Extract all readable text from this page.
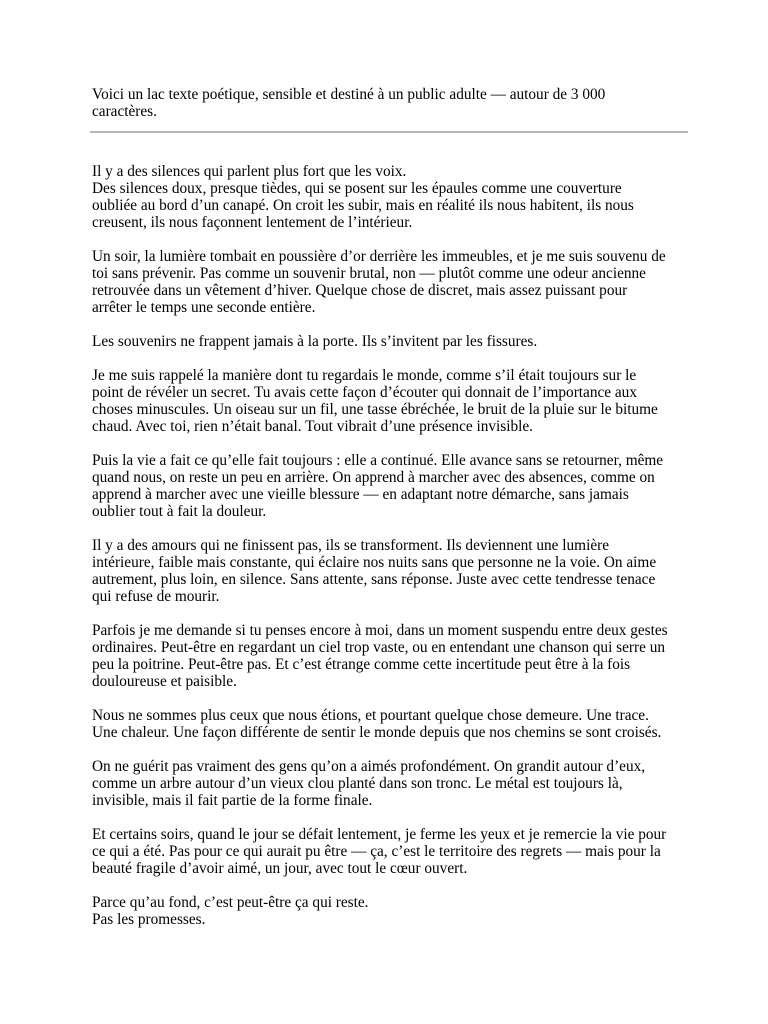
Voici un lac texte poétique, sensible et destiné à un public adulte — autour de 3 000
caractères.

Il y a des silences qui parlent plus fort que les voix.
Des silences doux, presque tièdes, qui se posent sur les épaules comme une couverture
oubliée au bord d’un canapé. On croit les subir, mais en réalité ils nous habitent, ils nous
creusent, ils nous façonnent lentement de l’intérieur.

Un soir, la lumière tombait en poussière d’or derrière les immeubles, et je me suis souvenu de
toi sans prévenir. Pas comme un souvenir brutal, non — plutôt comme une odeur ancienne
retrouvée dans un vêtement d’hiver. Quelque chose de discret, mais assez puissant pour
arrêter le temps une seconde entière.

Les souvenirs ne frappent jamais à la porte. Ils s’invitent par les fissures.

Je me suis rappelé la manière dont tu regardais le monde, comme s’il était toujours sur le
point de révéler un secret. Tu avais cette façon d’écouter qui donnait de l’importance aux
choses minuscules. Un oiseau sur un fil, une tasse ébréchée, le bruit de la pluie sur le bitume
chaud. Avec toi, rien n’était banal. Tout vibrait d’une présence invisible.

Puis la vie a fait ce qu’elle fait toujours : elle a continué. Elle avance sans se retourner, même
quand nous, on reste un peu en arrière. On apprend à marcher avec des absences, comme on
apprend à marcher avec une vieille blessure — en adaptant notre démarche, sans jamais
oublier tout à fait la douleur.

Il y a des amours qui ne finissent pas, ils se transforment. Ils deviennent une lumière
intérieure, faible mais constante, qui éclaire nos nuits sans que personne ne la voie. On aime
autrement, plus loin, en silence. Sans attente, sans réponse. Juste avec cette tendresse tenace
qui refuse de mourir.

Parfois je me demande si tu penses encore à moi, dans un moment suspendu entre deux gestes
ordinaires. Peut-être en regardant un ciel trop vaste, ou en entendant une chanson qui serre un
peu la poitrine. Peut-être pas. Et c’est étrange comme cette incertitude peut être à la fois
douloureuse et paisible.

Nous ne sommes plus ceux que nous étions, et pourtant quelque chose demeure. Une trace.
Une chaleur. Une façon différente de sentir le monde depuis que nos chemins se sont croisés.

On ne guérit pas vraiment des gens qu’on a aimés profondément. On grandit autour d’eux,
comme un arbre autour d’un vieux clou planté dans son tronc. Le métal est toujours là,
invisible, mais il fait partie de la forme finale.

Et certains soirs, quand le jour se défait lentement, je ferme les yeux et je remercie la vie pour
ce qui a été. Pas pour ce qui aurait pu être — ça, c’est le territoire des regrets — mais pour la
beauté fragile d’avoir aimé, un jour, avec tout le cœur ouvert.

Parce qu’au fond, c’est peut-être ça qui reste.
Pas les promesses.
